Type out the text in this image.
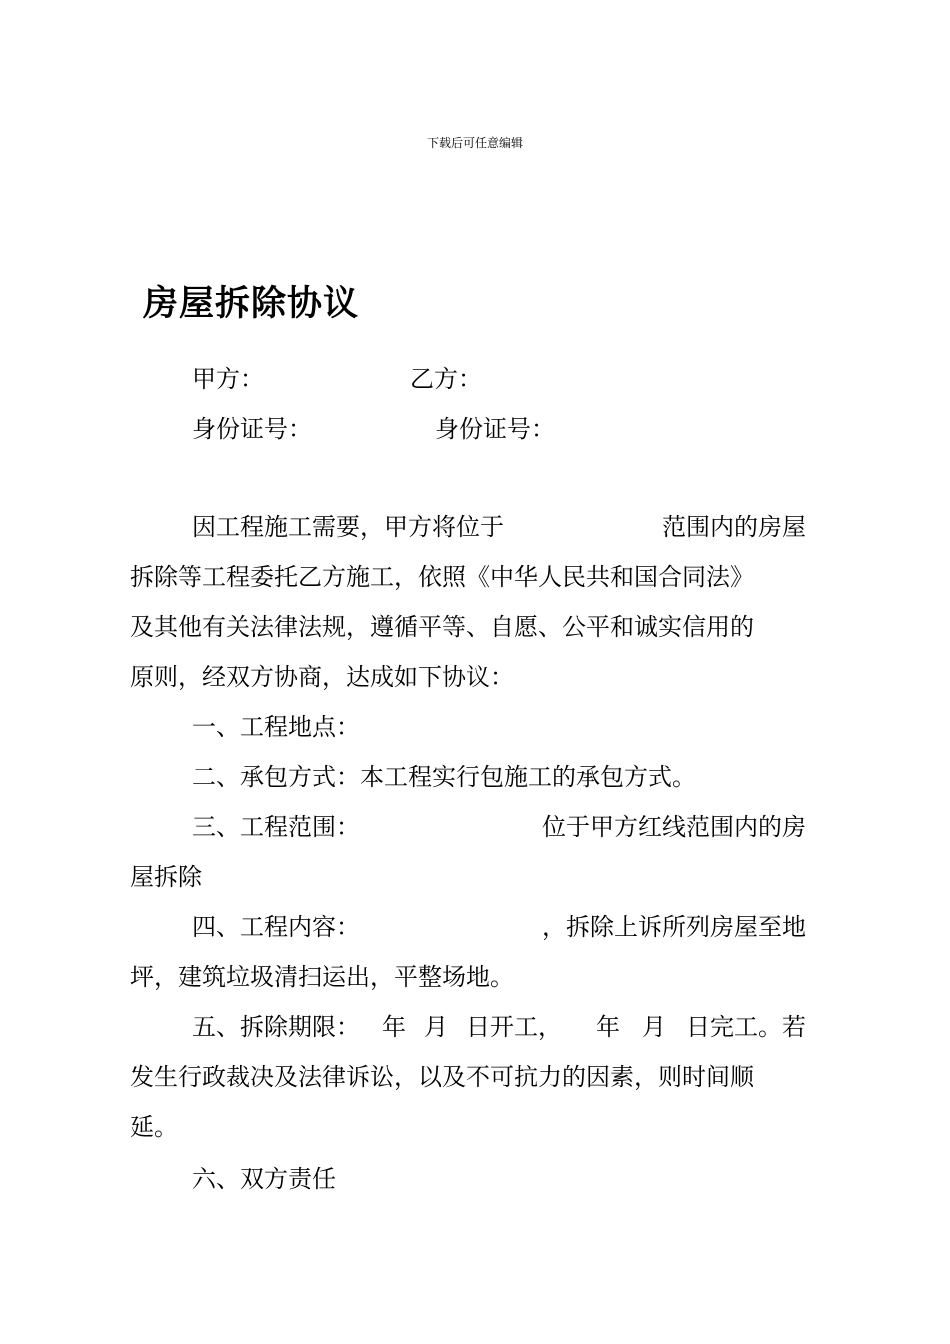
下载后可任意编辑
房屋拆除协议
甲方：	乙方：
身份证号：	身份证号：
因工程施工需要，甲方将位于	范围内的房屋
拆除等工程委托乙方施工，依照《中华人民共和国合同法》
及其他有关法律法规，遵循平等、自愿、公平和诚实信用的
原则，经双方协商，达成如下协议：
一、工程地点：
二、承包方式：本工程实行包施工的承包方式。
三、工程范围：	位于甲方红线范围内的房
屋拆除
四、工程内容：	，拆除上诉所列房屋至地
坪，建筑垃圾清扫运出，平整场地。
五、拆除期限： 年 月 日开工， 年 月 日完工。若
发生行政裁决及法律诉讼，以及不可抗力的因素，则时间顺
延。
六、双方责任
